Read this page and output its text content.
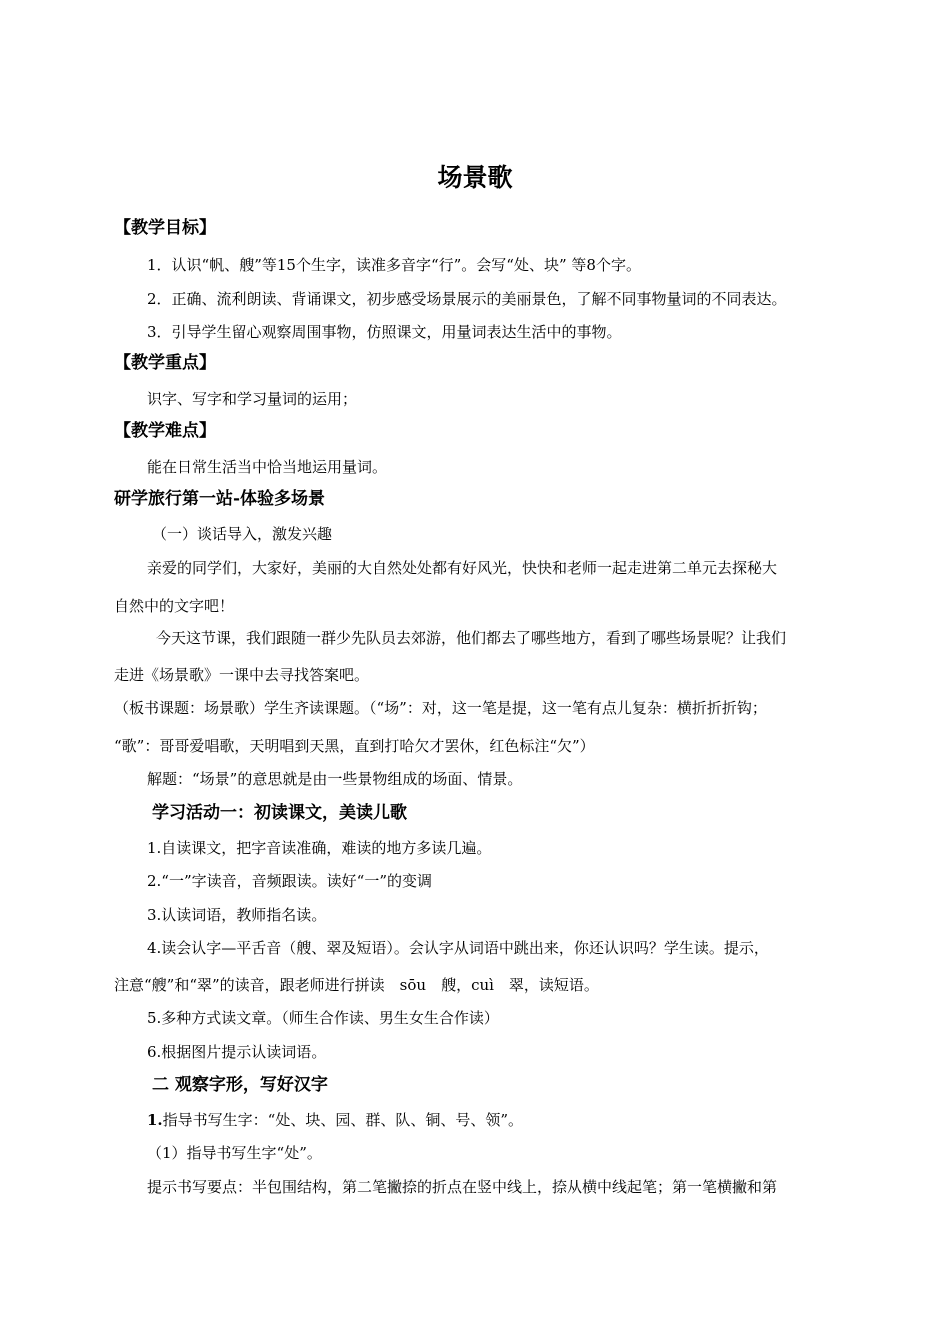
场景歌
【教学目标】
1．认识“帆、艘”等15个生字，读准多音字“行”。会写“处、块” 等8个字。
2．正确、流利朗读、背诵课文，初步感受场景展示的美丽景色，了解不同事物量词的不同表达。
3．引导学生留心观察周围事物，仿照课文，用量词表达生活中的事物。
【教学重点】
识字、写字和学习量词的运用；
【教学难点】
能在日常生活当中恰当地运用量词。
研学旅行第一站-体验多场景
（一）谈话导入，激发兴趣
亲爱的同学们，大家好，美丽的大自然处处都有好风光，快快和老师一起走进第二单元去探秘大
自然中的文字吧！
今天这节课，我们跟随一群少先队员去郊游，他们都去了哪些地方，看到了哪些场景呢？让我们
走进《场景歌》一课中去寻找答案吧。
（板书课题：场景歌）学生齐读课题。（“场”：对，这一笔是提，这一笔有点儿复杂：横折折折钩；
“歌”：哥哥爱唱歌，天明唱到天黑，直到打哈欠才罢休，红色标注“欠”）
解题：“场景”的意思就是由一些景物组成的场面、情景。
学习活动一：初读课文，美读儿歌
1.自读课文，把字音读准确，难读的地方多读几遍。
2.“一”字读音，音频跟读。读好“一”的变调
3.认读词语，教师指名读。
4.读会认字—平舌音（艘、翠及短语）。会认字从词语中跳出来，你还认识吗？学生读。提示，
注意“艘”和“翠”的读音，跟老师进行拼读　sōu　艘，cuì　翠，读短语。
5.多种方式读文章。（师生合作读、男生女生合作读）
6.根据图片提示认读词语。
二 观察字形，写好汉字
1.指导书写生字：“处、块、园、群、队、铜、号、领”。
（1）指导书写生字“处”。
提示书写要点：半包围结构，第二笔撇捺的折点在竖中线上，捺从横中线起笔；第一笔横撇和第
